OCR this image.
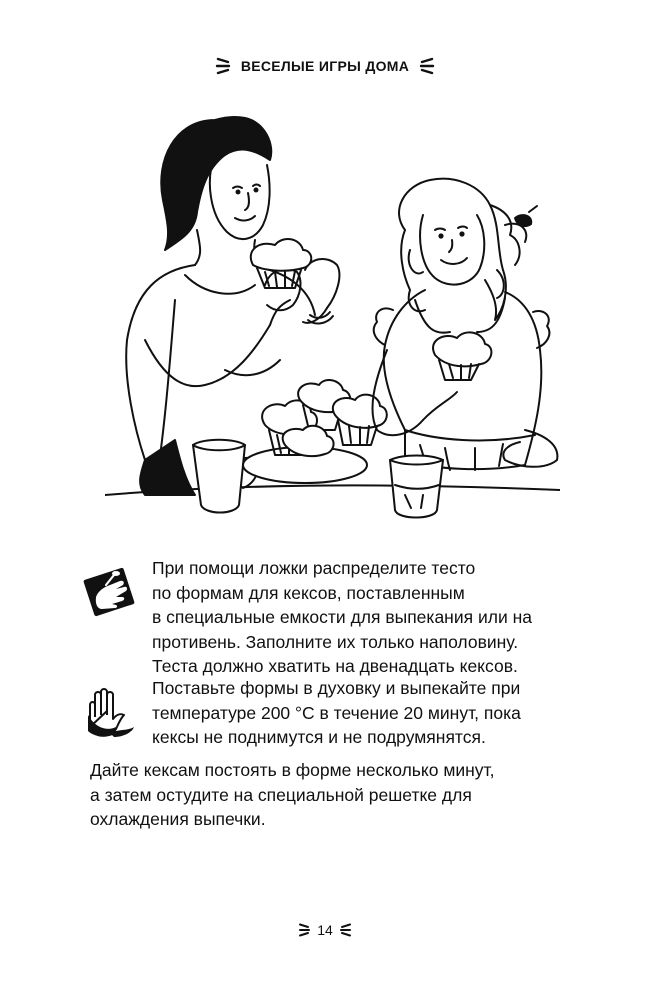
ВЕСЕЛЫЕ ИГРЫ ДОМА
При помощи ложки распределите тесто
по формам для кексов, поставленным
в специальные емкости для выпекания или на
противень. Заполните их только наполовину.
Теста должно хватить на двенадцать кексов.
Поставьте формы в духовку и выпекайте при
температуре 200 °C в течение 20 минут, пока
кексы не поднимутся и не подрумянятся.
Дайте кексам постоять в форме несколько минут,
а затем остудите на специальной решетке для
охлаждения выпечки.
14
